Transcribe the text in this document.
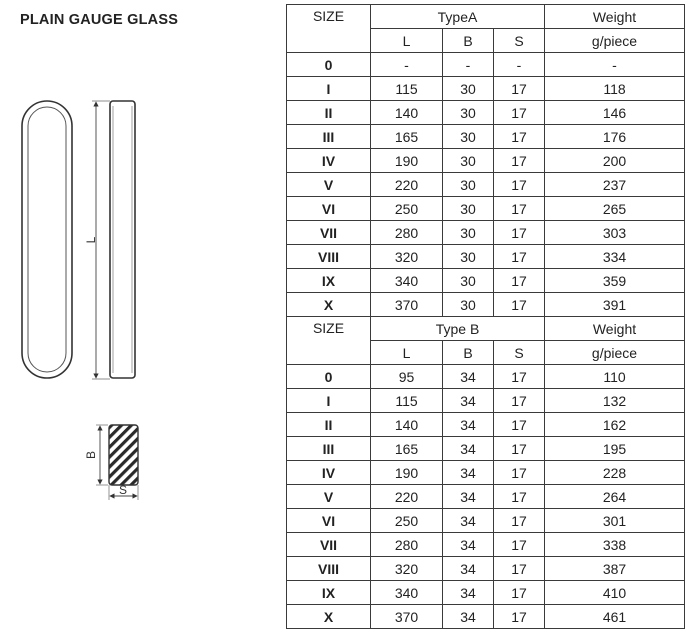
PLAIN GAUGE GLASS
L
B
S
SIZE	TypeA			Weight
	L	B	S	g/piece
0	-	-	-	-
I	115	30	17	118
II	140	30	17	146
III	165	30	17	176
IV	190	30	17	200
V	220	30	17	237
VI	250	30	17	265
VII	280	30	17	303
VIII	320	30	17	334
IX	340	30	17	359
X	370	30	17	391
SIZE	Type B			Weight
	L	B	S	g/piece
0	95	34	17	110
I	115	34	17	132
II	140	34	17	162
III	165	34	17	195
IV	190	34	17	228
V	220	34	17	264
VI	250	34	17	301
VII	280	34	17	338
VIII	320	34	17	387
IX	340	34	17	410
X	370	34	17	461
